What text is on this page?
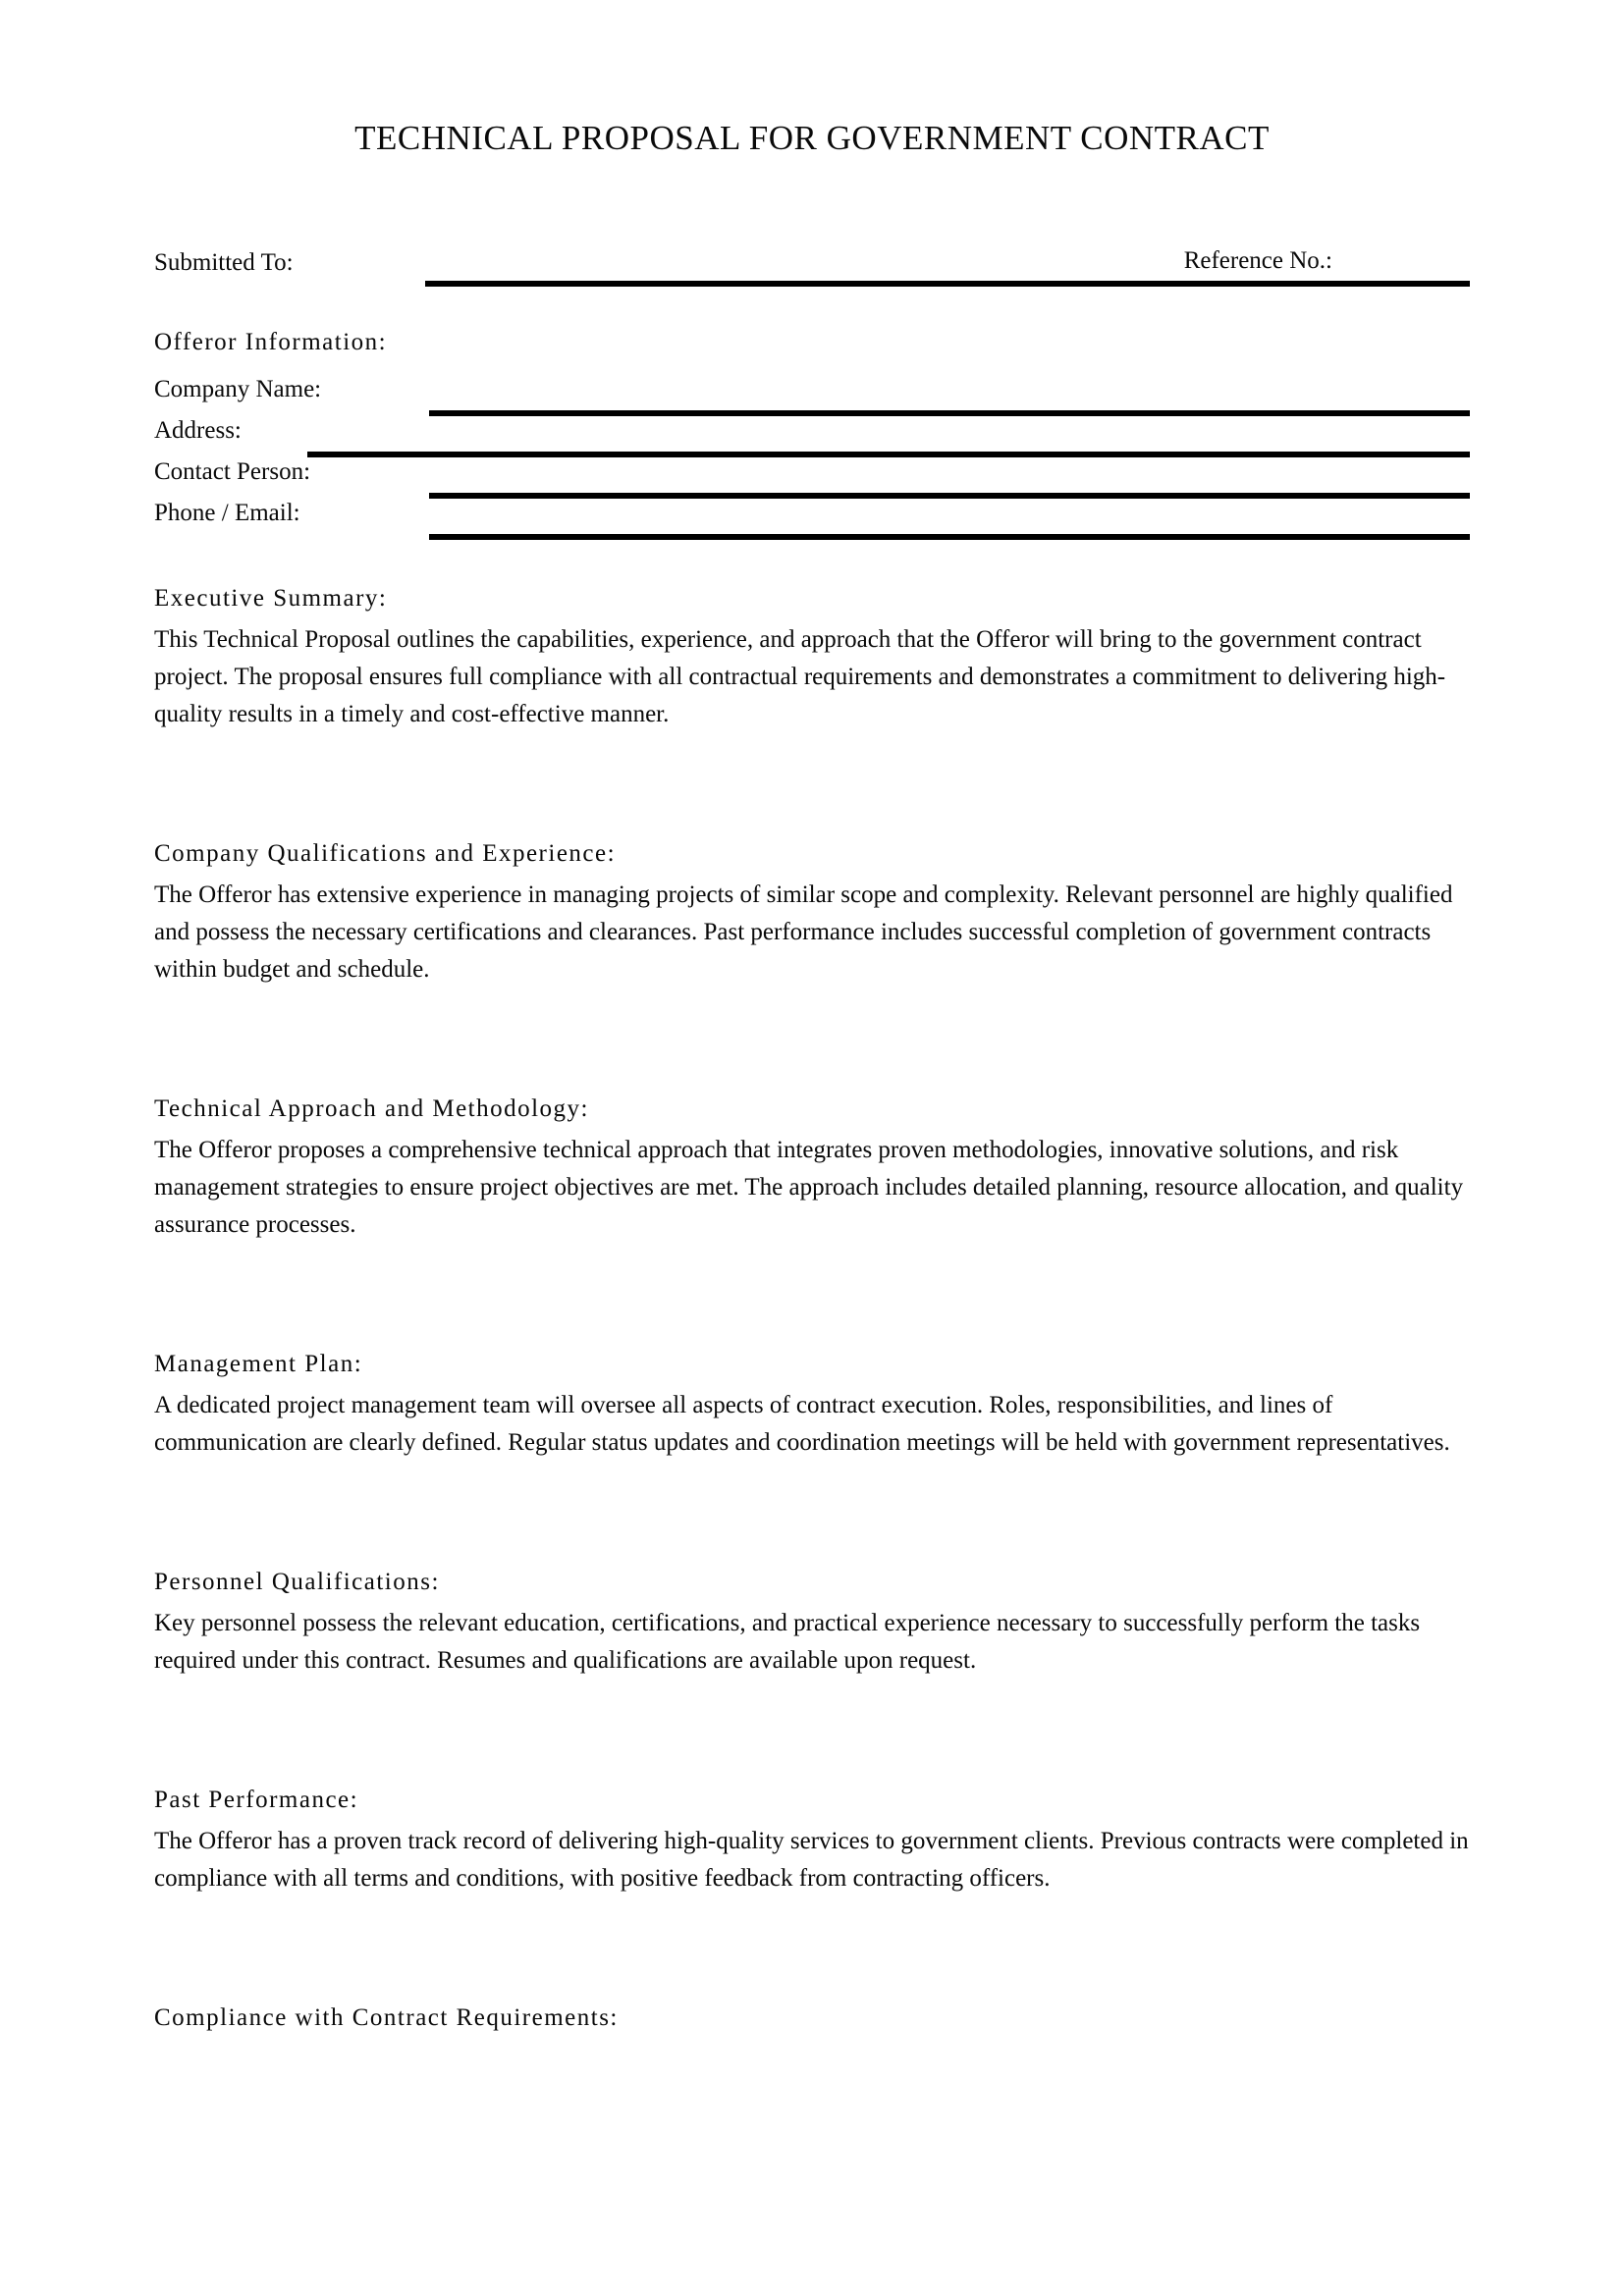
TECHNICAL PROPOSAL FOR GOVERNMENT CONTRACT
Submitted To:	Reference No.:
Offeror Information:
Company Name:
Address:
Contact Person:
Phone / Email:
Executive Summary:

This Technical Proposal outlines the capabilities, experience, and approach that the Offeror will bring to the government contract project. The proposal ensures full compliance with all contractual requirements and demonstrates a commitment to delivering high-quality results in a timely and cost-effective manner.

Company Qualifications and Experience:

The Offeror has extensive experience in managing projects of similar scope and complexity. Relevant personnel are highly qualified and possess the necessary certifications and clearances. Past performance includes successful completion of government contracts within budget and schedule.

Technical Approach and Methodology:

The Offeror proposes a comprehensive technical approach that integrates proven methodologies, innovative solutions, and risk management strategies to ensure project objectives are met. The approach includes detailed planning, resource allocation, and quality assurance processes.

Management Plan:

A dedicated project management team will oversee all aspects of contract execution. Roles, responsibilities, and lines of communication are clearly defined. Regular status updates and coordination meetings will be held with government representatives.

Personnel Qualifications:

Key personnel possess the relevant education, certifications, and practical experience necessary to successfully perform the tasks required under this contract. Resumes and qualifications are available upon request.

Past Performance:

The Offeror has a proven track record of delivering high-quality services to government clients. Previous contracts were completed in compliance with all terms and conditions, with positive feedback from contracting officers.

Compliance with Contract Requirements:
